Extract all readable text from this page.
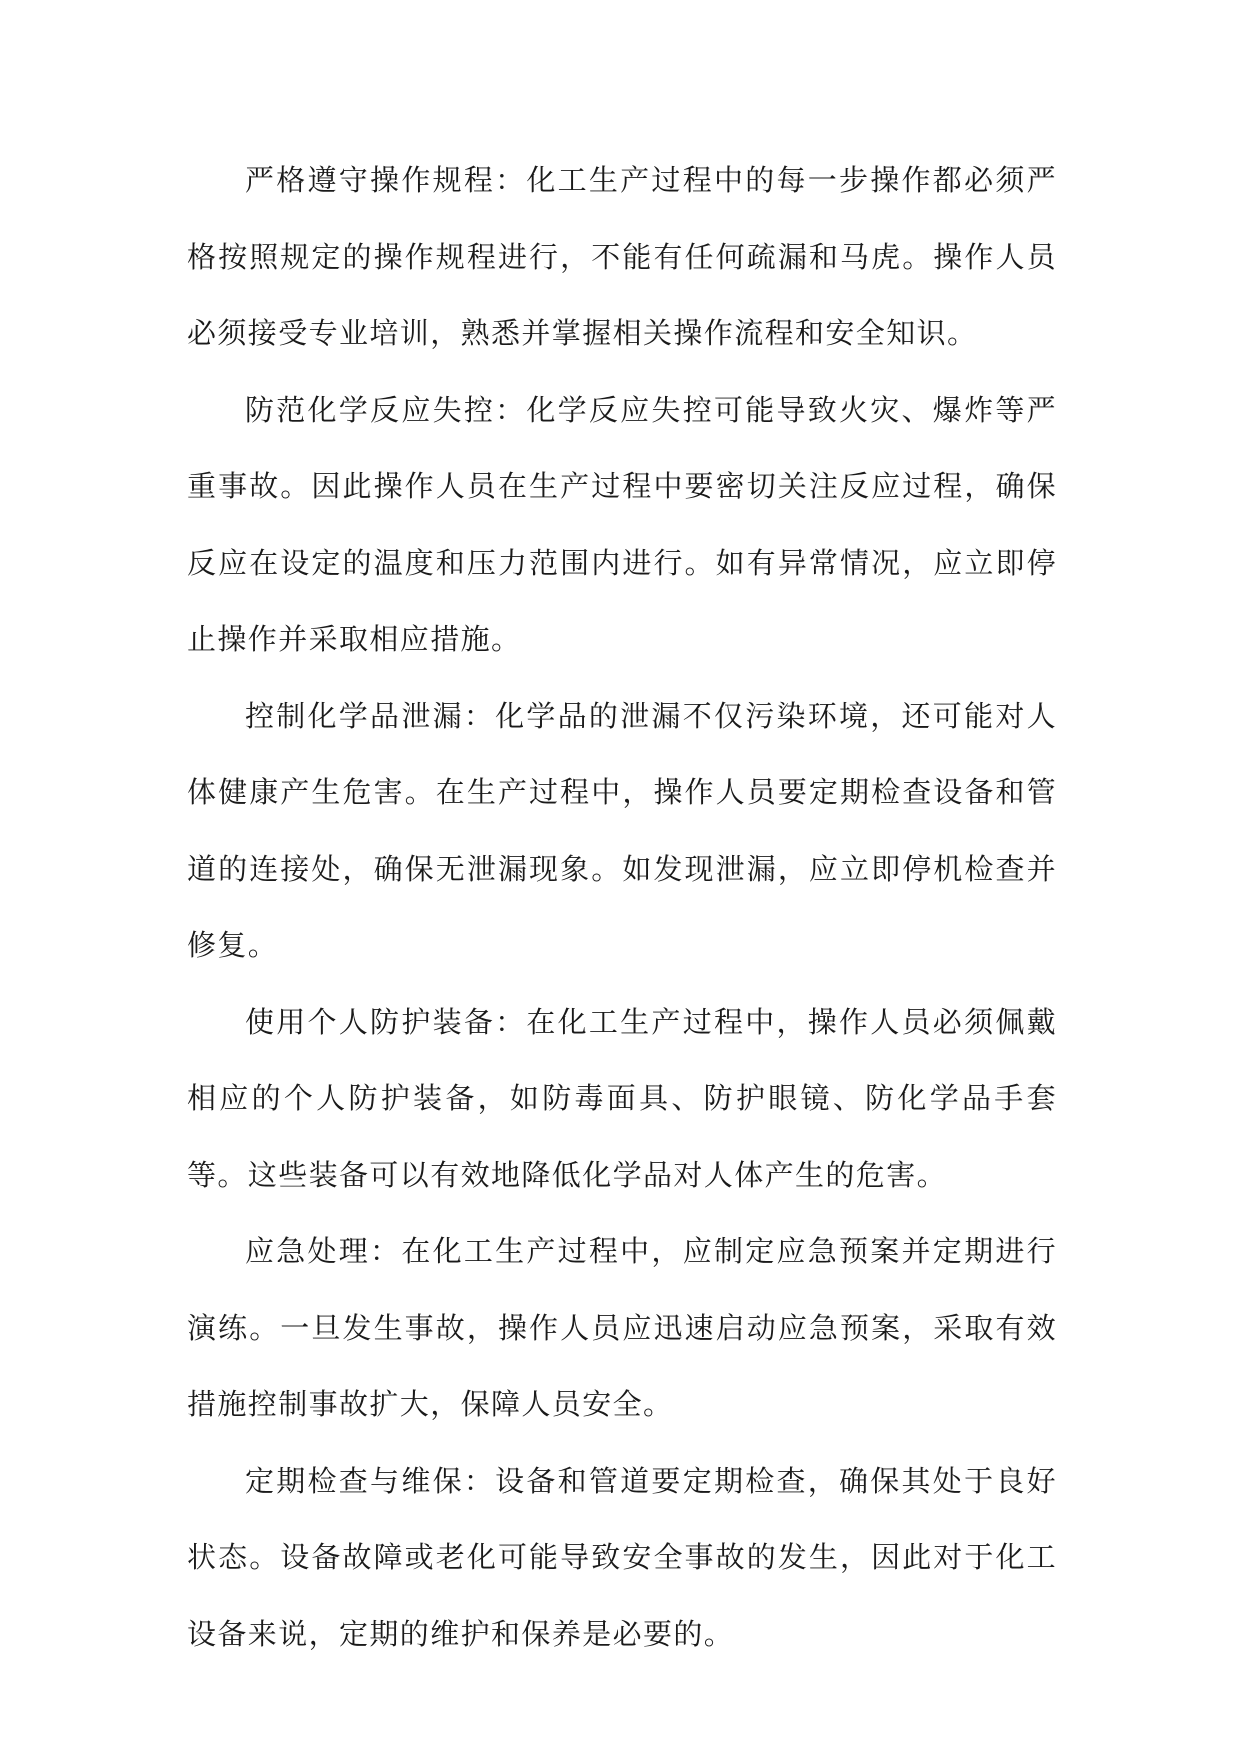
严格遵守操作规程：化工生产过程中的每一步操作都必须严格按照规定的操作规程进行，不能有任何疏漏和马虎。操作人员必须接受专业培训，熟悉并掌握相关操作流程和安全知识。

防范化学反应失控：化学反应失控可能导致火灾、爆炸等严重事故。因此操作人员在生产过程中要密切关注反应过程，确保反应在设定的温度和压力范围内进行。如有异常情况，应立即停止操作并采取相应措施。

控制化学品泄漏：化学品的泄漏不仅污染环境，还可能对人体健康产生危害。在生产过程中，操作人员要定期检查设备和管道的连接处，确保无泄漏现象。如发现泄漏，应立即停机检查并修复。

使用个人防护装备：在化工生产过程中，操作人员必须佩戴相应的个人防护装备，如防毒面具、防护眼镜、防化学品手套等。这些装备可以有效地降低化学品对人体产生的危害。

应急处理：在化工生产过程中，应制定应急预案并定期进行演练。一旦发生事故，操作人员应迅速启动应急预案，采取有效措施控制事故扩大，保障人员安全。

定期检查与维保：设备和管道要定期检查，确保其处于良好状态。设备故障或老化可能导致安全事故的发生，因此对于化工设备来说，定期的维护和保养是必要的。
